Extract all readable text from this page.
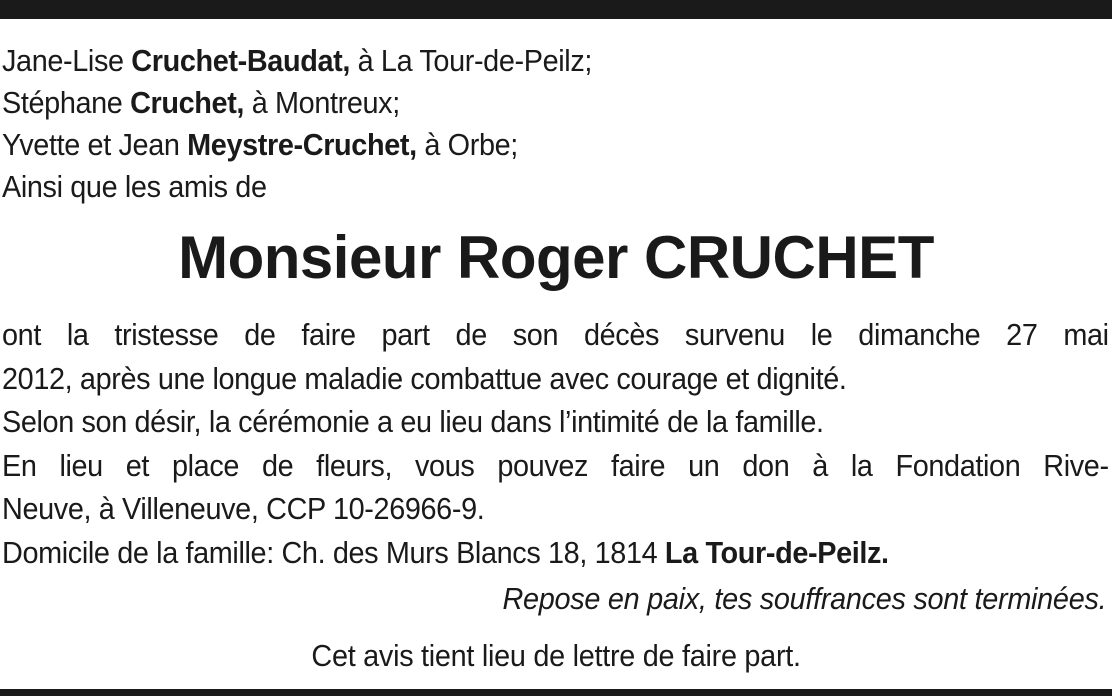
Jane-Lise Cruchet-Baudat, à La Tour-de-Peilz;
Stéphane Cruchet, à Montreux;
Yvette et Jean Meystre-Cruchet, à Orbe;
Ainsi que les amis de
Monsieur Roger CRUCHET
ont la tristesse de faire part de son décès survenu le dimanche 27 mai
2012, après une longue maladie combattue avec courage et dignité.
Selon son désir, la cérémonie a eu lieu dans l’intimité de la famille.
En lieu et place de fleurs, vous pouvez faire un don à la Fondation Rive-
Neuve, à Villeneuve, CCP 10-26966-9.
Domicile de la famille: Ch. des Murs Blancs 18, 1814 La Tour-de-Peilz.
Repose en paix, tes souffrances sont terminées.
Cet avis tient lieu de lettre de faire part.
